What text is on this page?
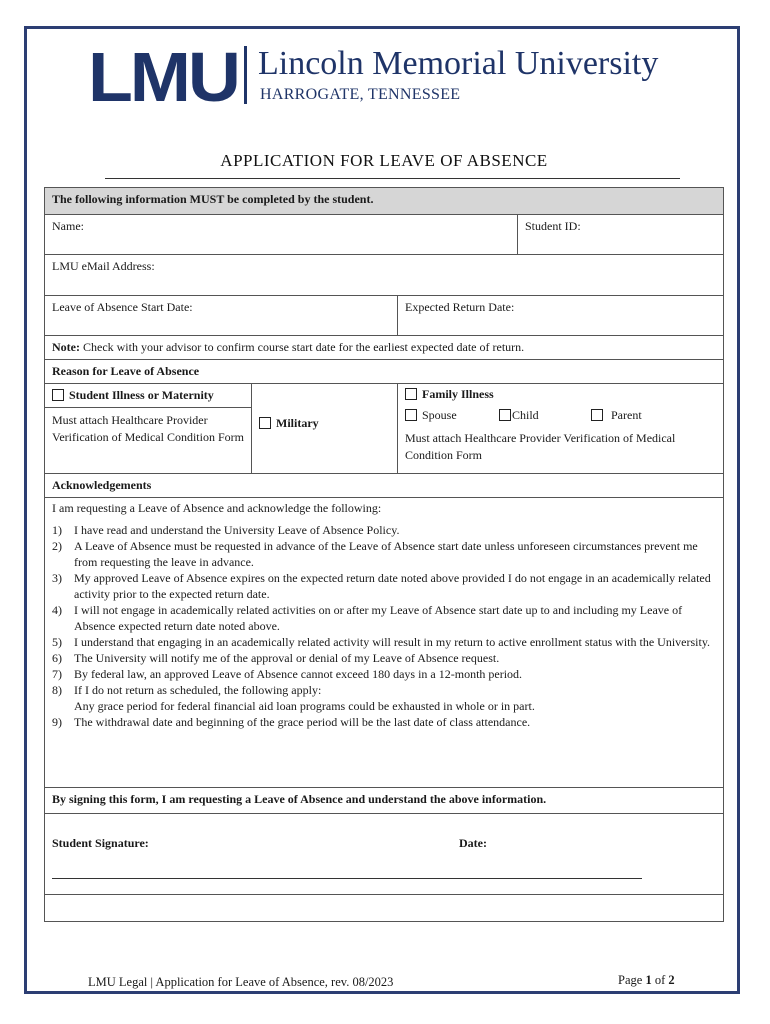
LMU Lincoln Memorial University
HARROGATE, TENNESSEE
APPLICATION FOR LEAVE OF ABSENCE
The following information MUST be completed by the student.
Name:	Student ID:
LMU eMail Address:
Leave of Absence Start Date:	Expected Return Date:
Note: Check with your advisor to confirm course start date for the earliest expected date of return.
Reason for Leave of Absence
Student Illness or Maternity
Must attach Healthcare Provider Verification of Medical Condition Form
Military
Family Illness
Spouse	Child	Parent
Must attach Healthcare Provider Verification of Medical Condition Form
Acknowledgements
I am requesting a Leave of Absence and acknowledge the following:
1)	I have read and understand the University Leave of Absence Policy.
2)	A Leave of Absence must be requested in advance of the Leave of Absence start date unless unforeseen circumstances prevent me from requesting the leave in advance.
3)	My approved Leave of Absence expires on the expected return date noted above provided I do not engage in an academically related activity prior to the expected return date.
4)	I will not engage in academically related activities on or after my Leave of Absence start date up to and including my Leave of Absence expected return date noted above.
5)	I understand that engaging in an academically related activity will result in my return to active enrollment status with the University.
6)	The University will notify me of the approval or denial of my Leave of Absence request.
7)	By federal law, an approved Leave of Absence cannot exceed 180 days in a 12-month period.
8)	If I do not return as scheduled, the following apply:
Any grace period for federal financial aid loan programs could be exhausted in whole or in part.
9)	The withdrawal date and beginning of the grace period will be the last date of class attendance.
By signing this form, I am requesting a Leave of Absence and understand the above information.
Student Signature:	Date:
LMU Legal | Application for Leave of Absence, rev. 08/2023	Page 1 of 2
